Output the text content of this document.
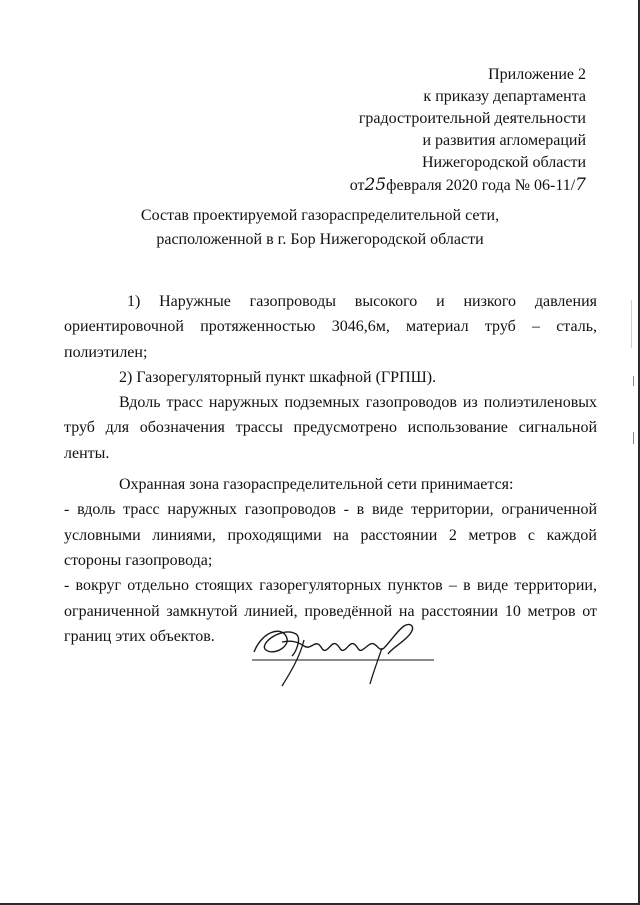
Приложение 2
к приказу департамента
градостроительной деятельности
и развития агломераций
Нижегородской области
от25февраля 2020 года № 06-11/7
Состав проектируемой газораспределительной сети,
расположенной в г. Бор Нижегородской области

1) Наружные газопроводы высокого и низкого давления ориентировочной протяженностью 3046,6м, материал труб – сталь, полиэтилен;

2) Газорегуляторный пункт шкафной (ГРПШ).

Вдоль трасс наружных подземных газопроводов из полиэтиленовых труб для обозначения трассы предусмотрено использование сигнальной ленты.

Охранная зона газораспределительной сети принимается:

- вдоль трасс наружных газопроводов - в виде территории, ограниченной условными линиями, проходящими на расстоянии 2 метров с каждой стороны газопровода;

- вокруг отдельно стоящих газорегуляторных пунктов – в виде территории, ограниченной замкнутой линией, проведённой на расстоянии 10 метров от границ этих объектов.
